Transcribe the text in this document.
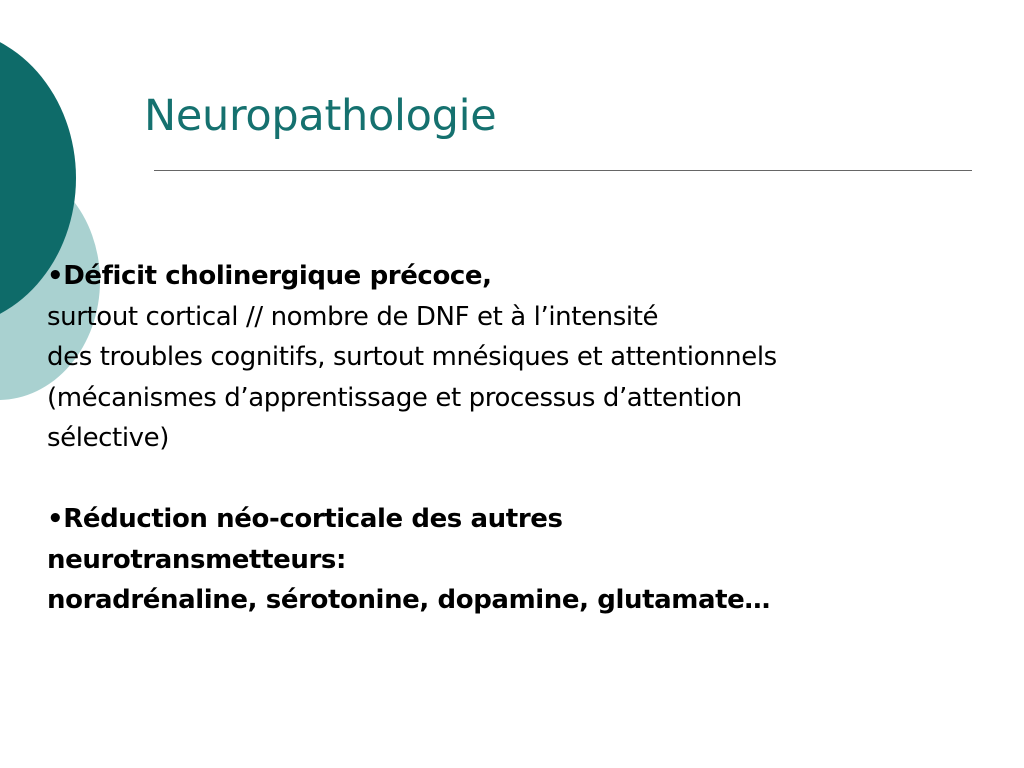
Neuropathologie
•Déficit cholinergique précoce,
surtout cortical // nombre de DNF et à l’intensité
des troubles cognitifs, surtout mnésiques et attentionnels
(mécanismes d’apprentissage et processus d’attention
sélective)
•Réduction néo-corticale des autres
neurotransmetteurs:
noradrénaline, sérotonine, dopamine, glutamate…
